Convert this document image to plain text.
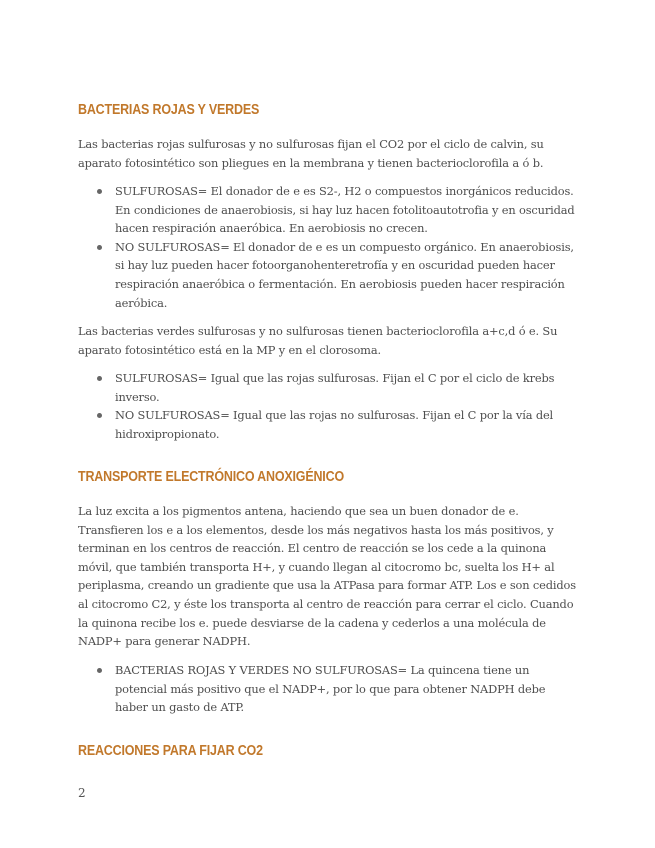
BACTERIAS ROJAS Y VERDES
Las bacterias rojas sulfurosas y no sulfurosas fijan el CO2 por el ciclo de calvin, su aparato fotosintético son pliegues en la membrana y tienen bacterioclorofila a ó b.
SULFUROSAS= El donador de e es S2-, H2 o compuestos inorgánicos reducidos. En condiciones de anaerobiosis, si hay luz hacen fotolitoautotrofia y en oscuridad hacen respiración anaeróbica. En aerobiosis no crecen.
NO SULFUROSAS= El donador de e es un compuesto orgánico. En anaerobiosis, si hay luz pueden hacer fotoorganohenteretrofía y en oscuridad pueden hacer respiración anaeróbica o fermentación. En aerobiosis pueden hacer respiración aeróbica.
Las bacterias verdes sulfurosas y no sulfurosas tienen bacterioclorofila a+c,d ó e. Su aparato fotosintético está en la MP y en el clorosoma.
SULFUROSAS= Igual que las rojas sulfurosas. Fijan el C por el ciclo de krebs inverso.
NO SULFUROSAS= Igual que las rojas no sulfurosas. Fijan el C por la vía del hidroxipropionato.
TRANSPORTE ELECTRÓNICO ANOXIGÉNICO
La luz excita a los pigmentos antena, haciendo que sea un buen donador de e. Transfieren los e a los elementos, desde los más negativos hasta los más positivos, y terminan en los centros de reacción. El centro de reacción se los cede a la quinona móvil, que también transporta H+, y cuando llegan al citocromo bc, suelta los H+ al periplasma, creando un gradiente que usa la ATPasa para formar ATP. Los e son cedidos al citocromo C2, y éste los transporta al centro de reacción para cerrar el ciclo. Cuando la quinona recibe los e. puede desviarse de la cadena y cederlos a una molécula de NADP+ para generar NADPH.
BACTERIAS ROJAS Y VERDES NO SULFUROSAS= La quincena tiene un potencial más positivo que el NADP+, por lo que para obtener NADPH debe haber un gasto de ATP.
REACCIONES PARA FIJAR CO2
2
